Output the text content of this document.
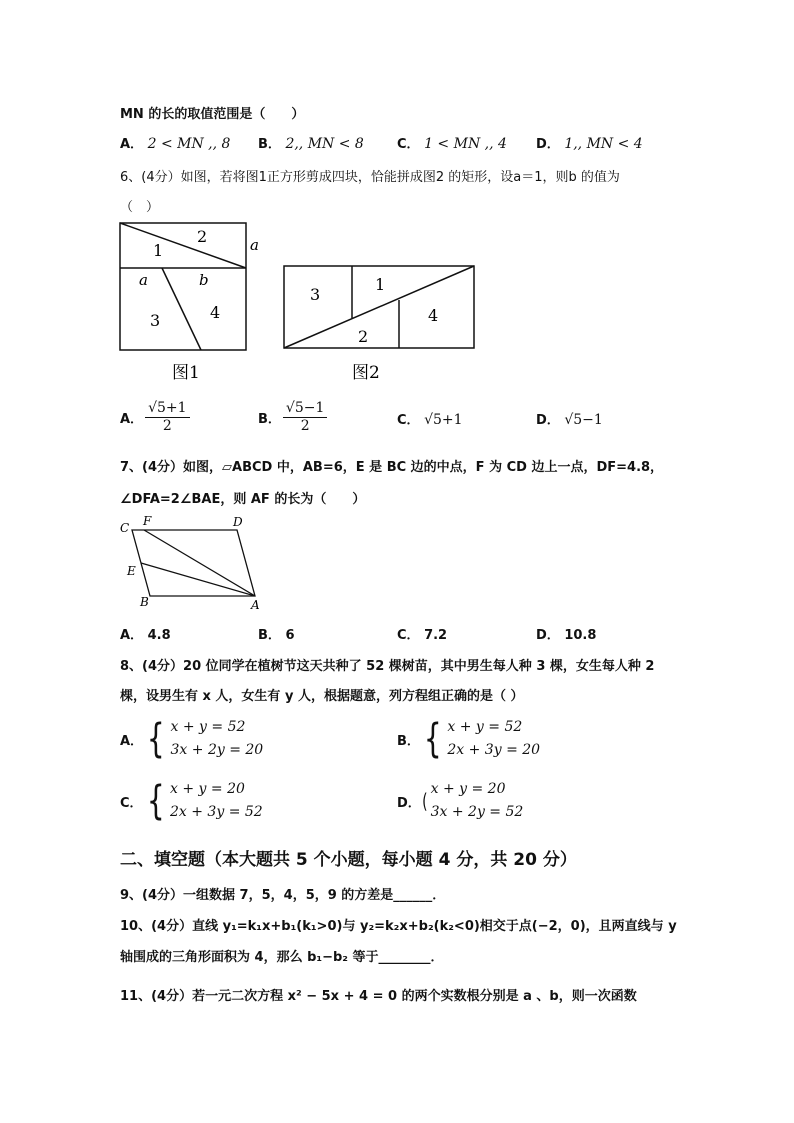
MN 的长的取值范围是（　　）
A． 2 < MN ,, 8 B． 2,, MN < 8	C． 1 < MN ,, 4 D． 1,, MN < 4
6、(4分）如图，若将图1正方形剪成四块，恰能拼成图2 的矩形，设a＝1，则b 的值为
（　）
1
2	a
a	b
3	4
图1
3
1
2
4
图2
A． $\frac{√5+1}{2}$	B． $\frac{√5-1}{2}$	C． √5+1	D． √5−1
7、(4分）如图，▱ABCD 中，AB=6，E 是 BC 边的中点，F 为 CD 边上一点，DF=4.8，
∠DFA=2∠BAE，则 AF 的长为（　　）
C F	D
E
B	A
A． 4.8	B． 6	C． 7.2	D． 10.8
8、(4分）20 位同学在植树节这天共种了 52 棵树苗，其中男生每人种 3 棵，女生每人种 2
棵，设男生有 x 人，女生有 y 人，根据题意，列方程组正确的是（ ）
A． { x + y = 52
3x + 2y = 20
B． { x + y = 52
2x + 3y = 20
C． { x + y = 20
2x + 3y = 52
D． ( x + y = 20
3x + 2y = 52
二、填空题（本大题共 5 个小题，每小题 4 分，共 20 分）
9、(4分）一组数据 7，5，4，5，9 的方差是______．
10、(4分）直线 y₁=k₁x+b₁(k₁>0)与 y₂=k₂x+b₂(k₂<0)相交于点(−2，0)，且两直线与 y
轴围成的三角形面积为 4，那么 b₁−b₂ 等于________．
11、(4分）若一元二次方程 x² − 5x + 4 = 0 的两个实数根分别是 a 、b，则一次函数
